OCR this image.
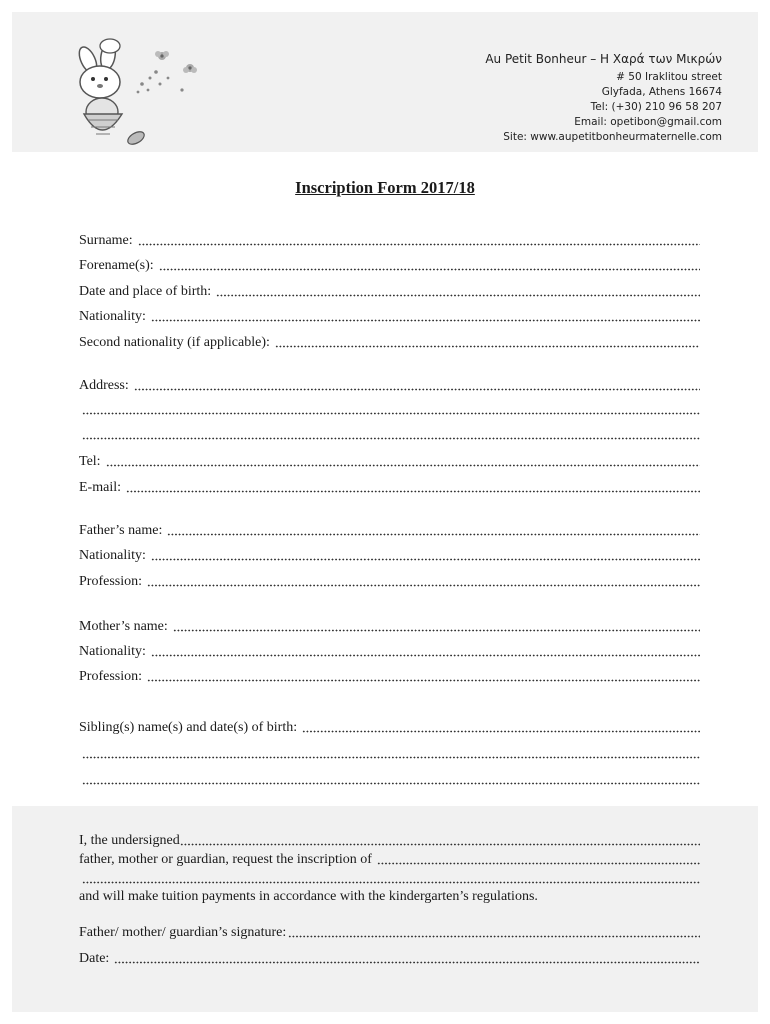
Au Petit Bonheur – Η Χαρά των Μικρών
# 50 Iraklitou street
Glyfada, Athens 16674
Tel: (+30) 210 96 58 207
Email: opetibon@gmail.com
Site: www.aupetitbonheurmaternelle.com
Inscription Form 2017/18
Surname:
Forename(s):
Date and place of birth:
Nationality:
Second nationality (if applicable):
Address:
Tel:
E-mail:
Father’s name:
Nationality:
Profession:
Mother’s name:
Nationality:
Profession:
Sibling(s) name(s) and date(s) of birth:
I, the undersigned
father, mother or guardian, request the inscription of
and will make tuition payments in accordance with the kindergarten’s regulations.
Father/ mother/ guardian’s signature:
Date:
